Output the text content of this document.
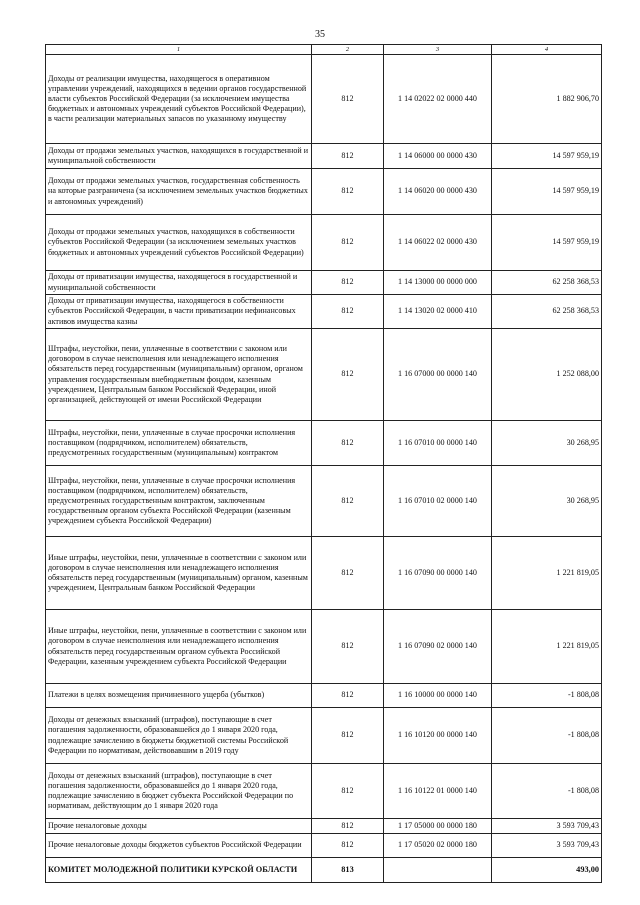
35
1	2	3	4
Доходы от реализации имущества, находящегося в оперативном управлении учреждений, находящихся в ведении органов государственной власти субъектов Российской Федерации (за исключением имущества бюджетных и автономных учреждений субъектов Российской Федерации), в части реализации материальных запасов по указанному имуществу	812	1 14 02022 02 0000 440	1 882 906,70
Доходы от продажи земельных участков, находящихся в государственной и муниципальной собственности	812	1 14 06000 00 0000 430	14 597 959,19
Доходы от продажи земельных участков, государственная собственность на которые разграничена (за исключением земельных участков бюджетных и автономных учреждений)	812	1 14 06020 00 0000 430	14 597 959,19
Доходы от продажи земельных участков, находящихся в собственности субъектов Российской Федерации (за исключением земельных участков бюджетных и автономных учреждений субъектов Российской Федерации)	812	1 14 06022 02 0000 430	14 597 959,19
Доходы от приватизации имущества, находящегося в государственной и муниципальной собственности	812	1 14 13000 00 0000 000	62 258 368,53
Доходы от приватизации имущества, находящегося в собственности субъектов Российской Федерации, в части приватизации нефинансовых активов имущества казны	812	1 14 13020 02 0000 410	62 258 368,53
Штрафы, неустойки, пени, уплаченные в соответствии с законом или договором в случае неисполнения или ненадлежащего исполнения обязательств перед государственным (муниципальным) органом, органом управления государственным внебюджетным фондом, казенным учреждением, Центральным банком Российской Федерации, иной организацией, действующей от имени Российской Федерации	812	1 16 07000 00 0000 140	1 252 088,00
Штрафы, неустойки, пени, уплаченные в случае просрочки исполнения поставщиком (подрядчиком, исполнителем) обязательств, предусмотренных государственным (муниципальным) контрактом	812	1 16 07010 00 0000 140	30 268,95
Штрафы, неустойки, пени, уплаченные в случае просрочки исполнения поставщиком (подрядчиком, исполнителем) обязательств, предусмотренных государственным контрактом, заключенным государственным органом субъекта Российской Федерации (казенным учреждением субъекта Российской Федерации)	812	1 16 07010 02 0000 140	30 268,95
Иные штрафы, неустойки, пени, уплаченные в соответствии с законом или договором в случае неисполнения или ненадлежащего исполнения обязательств перед государственным (муниципальным) органом, казенным учреждением, Центральным банком Российской Федерации	812	1 16 07090 00 0000 140	1 221 819,05
Иные штрафы, неустойки, пени, уплаченные в соответствии с законом или договором в случае неисполнения или ненадлежащего исполнения обязательств перед государственным органом субъекта Российской Федерации, казенным учреждением субъекта Российской Федерации	812	1 16 07090 02 0000 140	1 221 819,05
Платежи в целях возмещения причиненного ущерба (убытков)	812	1 16 10000 00 0000 140	-1 808,08
Доходы от денежных взысканий (штрафов), поступающие в счет погашения задолженности, образовавшейся до 1 января 2020 года, подлежащие зачислению в бюджеты бюджетной системы Российской Федерации по нормативам, действовавшим в 2019 году	812	1 16 10120 00 0000 140	-1 808,08
Доходы от денежных взысканий (штрафов), поступающие в счет погашения задолженности, образовавшейся до 1 января 2020 года, подлежащие зачислению в бюджет субъекта Российской Федерации по нормативам, действующим до 1 января 2020 года	812	1 16 10122 01 0000 140	-1 808,08
Прочие неналоговые доходы	812	1 17 05000 00 0000 180	3 593 709,43
Прочие неналоговые доходы бюджетов субъектов Российской Федерации	812	1 17 05020 02 0000 180	3 593 709,43
КОМИТЕТ МОЛОДЕЖНОЙ ПОЛИТИКИ КУРСКОЙ ОБЛАСТИ	813		493,00
